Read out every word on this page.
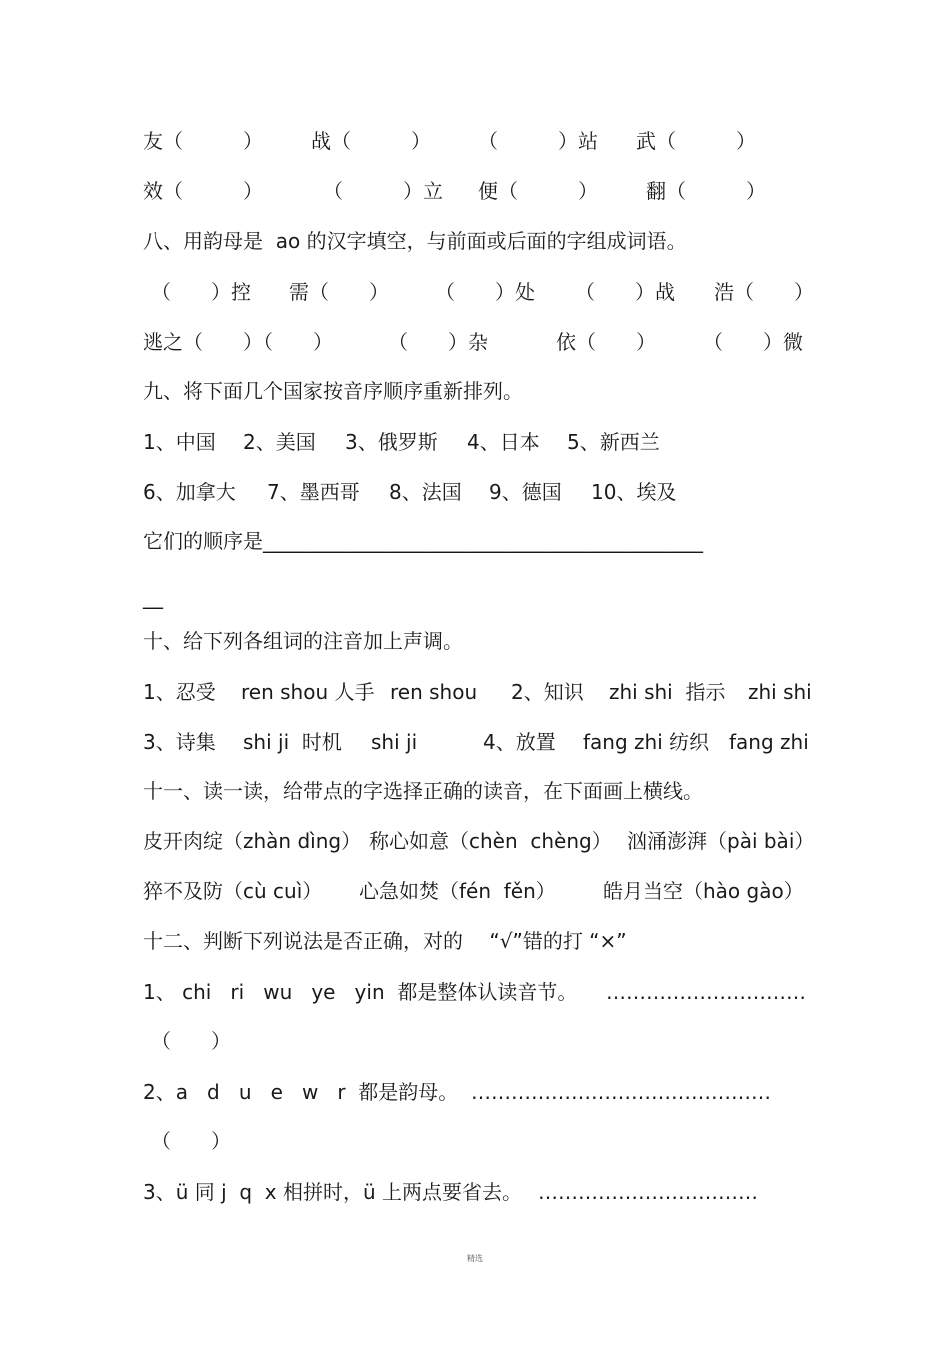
友（　　　） 战（　　　） （　　　）站 武（　　　）
效（　　　）	（　　　）立 便（　　　） 翻（　　　）
八、用韵母是  ao 的汉字填空，与前面或后面的字组成词语。
（　　）控 需（　　） （　　）处 （　　）战 浩（　　）
逃之（　　）（　　）	（　　）杂	依（　　） （　　）微
九、将下面几个国家按音序顺序重新排列。
1、中国 2、美国 3、俄罗斯 4、日本 5、新西兰
6、加拿大 7、墨西哥 8、法国 9、德国 10、埃及
它们的顺序是____________________________________________
__
十、给下列各组词的注音加上声调。
1、忍受 ren shou 人手 ren shou 2、知识 zhi shi  指示 zhi shi
3、诗集 shi ji  时机 shi ji	4、放置 fang zhi 纺织 fang zhi
十一、读一读，给带点的字选择正确的读音，在下面画上横线。
皮开肉绽（zhàn dìng） 称心如意（chèn  chèng） 汹涌澎湃（pài bài）
猝不及防（cù cuì） 心急如焚（fén  fěn） 皓月当空（hào gào）
十二、判断下列说法是否正确，对的　 “√”错的打 “×”
1、 chi   ri   wu   ye   yin  都是整体认读音节。 …………………………
（　　）
2、a   d   u   e   w   r  都是韵母。 ………………………………………
（　　）
3、ü 同 j  q  x 相拼时，ü 上两点要省去。 ……………………………
精选
